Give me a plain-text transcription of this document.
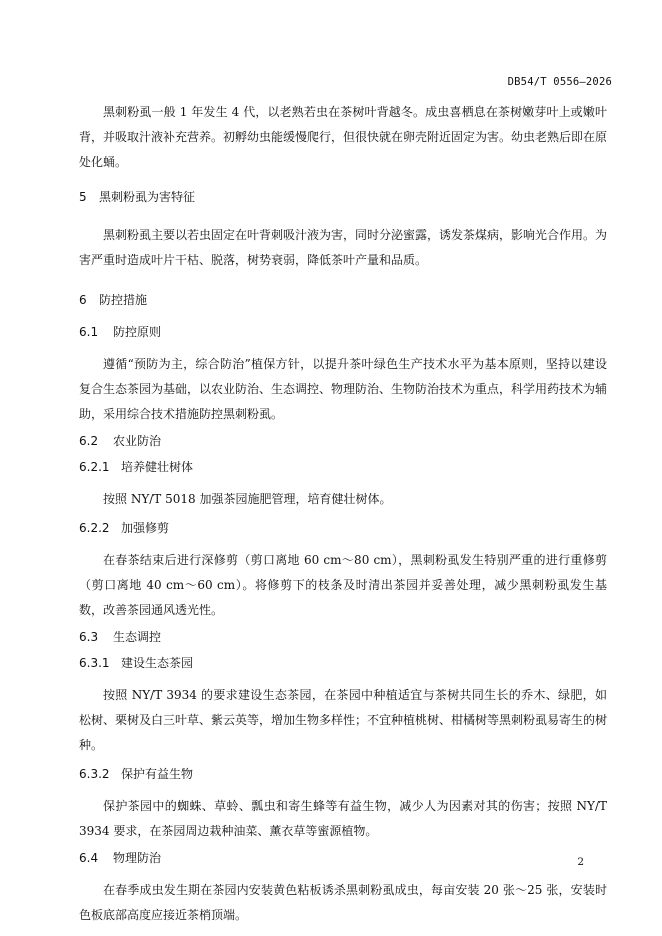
DB54/T 0556—2026

黑刺粉虱一般 1 年发生 4 代，以老熟若虫在茶树叶背越冬。成虫喜栖息在茶树嫩芽叶上或嫩叶背，并吸取汁液补充营养。初孵幼虫能缓慢爬行，但很快就在卵壳附近固定为害。幼虫老熟后即在原处化蛹。

5	黑刺粉虱为害特征

黑刺粉虱主要以若虫固定在叶背刺吸汁液为害，同时分泌蜜露，诱发茶煤病，影响光合作用。为害严重时造成叶片干枯、脱落，树势衰弱，降低茶叶产量和品质。

6	防控措施
6.1	防控原则

遵循“预防为主，综合防治”植保方针，以提升茶叶绿色生产技术水平为基本原则，坚持以建设复合生态茶园为基础，以农业防治、生态调控、物理防治、生物防治技术为重点，科学用药技术为辅助，采用综合技术措施防控黑刺粉虱。

6.2	农业防治
6.2.1 培养健壮树体

按照 NY/T 5018 加强茶园施肥管理，培育健壮树体。

6.2.2 加强修剪

在春茶结束后进行深修剪（剪口离地 60 cm～80 cm），黑刺粉虱发生特别严重的进行重修剪（剪口离地 40 cm～60 cm）。将修剪下的枝条及时清出茶园并妥善处理，减少黑刺粉虱发生基数，改善茶园通风透光性。

6.3	生态调控
6.3.1 建设生态茶园

按照 NY/T 3934 的要求建设生态茶园，在茶园中种植适宜与茶树共同生长的乔木、绿肥，如松树、栗树及白三叶草、紫云英等，增加生物多样性；不宜种植桃树、柑橘树等黑刺粉虱易寄生的树种。

6.3.2 保护有益生物

保护茶园中的蜘蛛、草蛉、瓢虫和寄生蜂等有益生物，减少人为因素对其的伤害；按照 NY/T 3934 要求，在茶园周边栽种油菜、薰衣草等蜜源植物。

6.4	物理防治

在春季成虫发生期在茶园内安装黄色粘板诱杀黑刺粉虱成虫，每亩安装 20 张～25 张，安装时色板底部高度应接近茶梢顶端。

2
